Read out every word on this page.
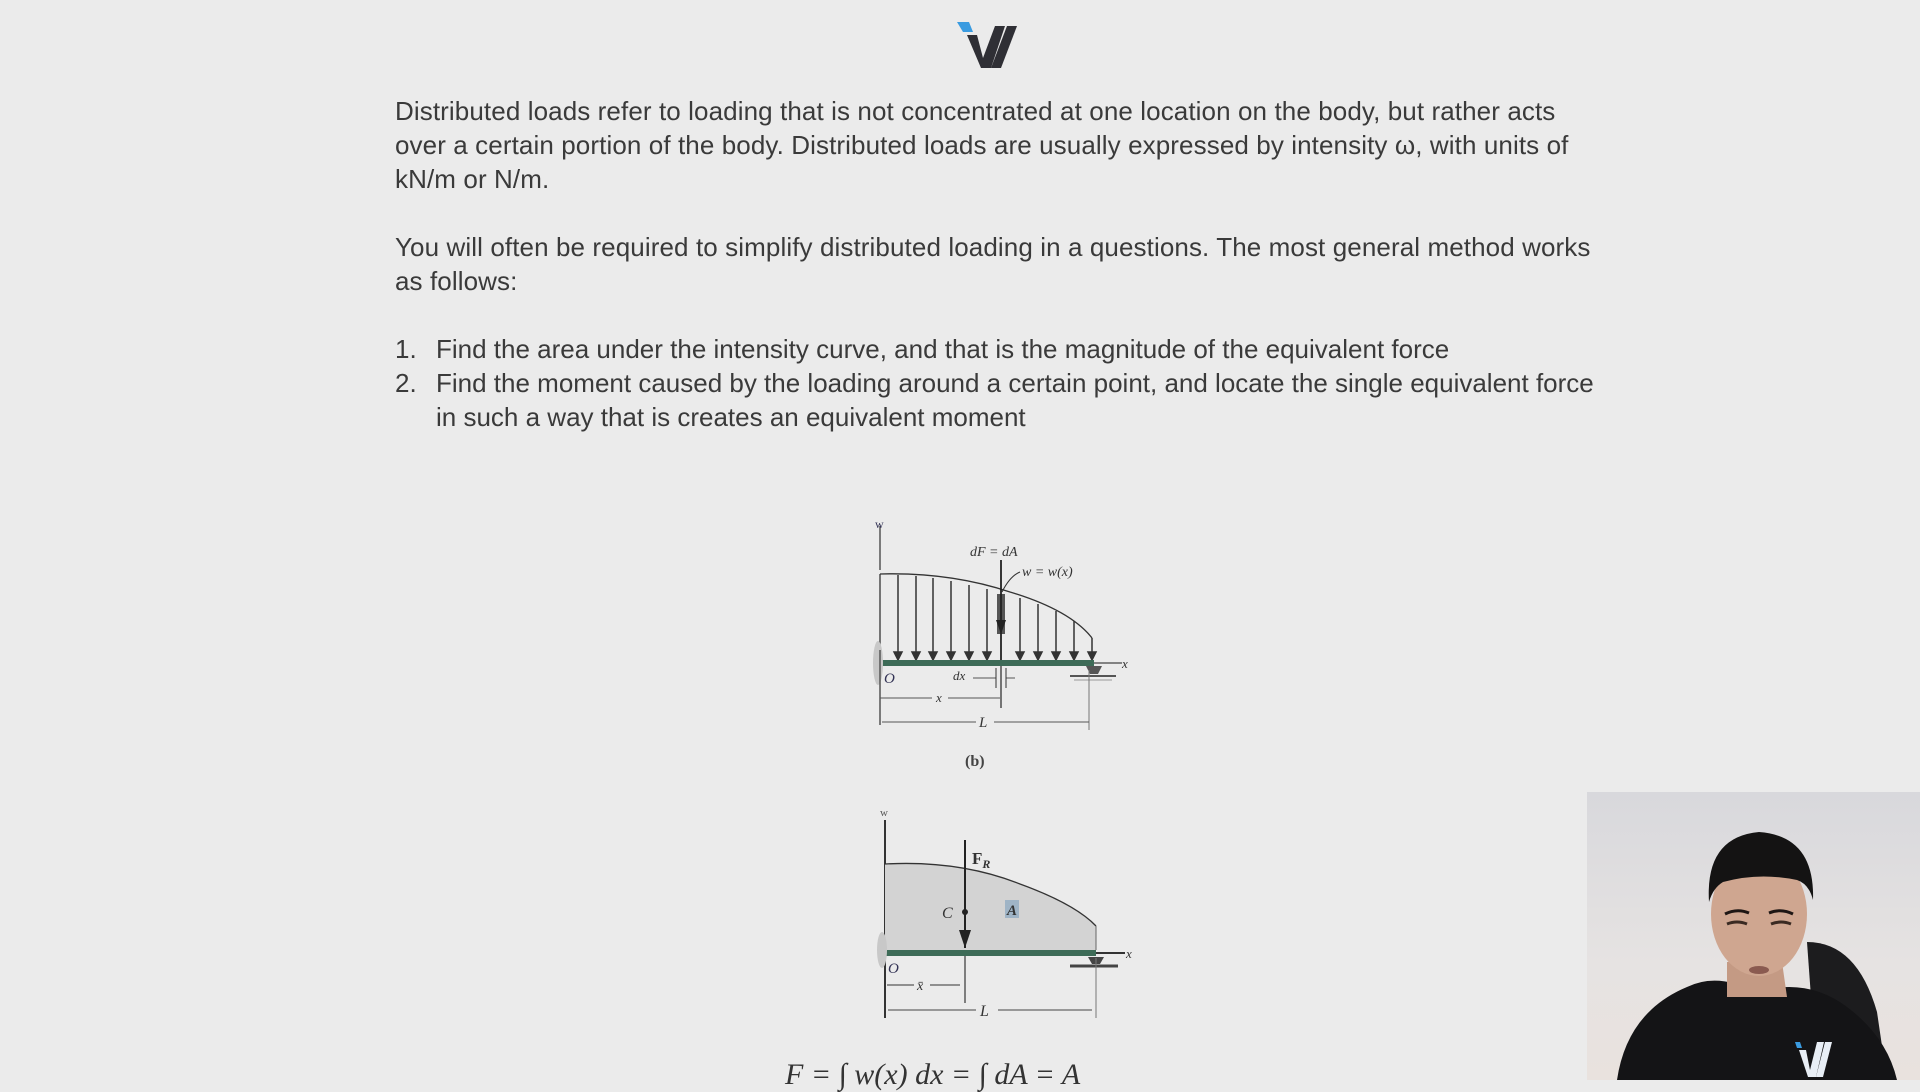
Distributed loads refer to loading that is not concentrated at one location on the body, but rather acts over a certain portion of the body. Distributed loads are usually expressed by intensity ω, with units of kN/m or N/m.

You will often be required to simplify distributed loading in a questions. The most general method works as follows:

1. Find the area under the intensity curve, and that is the magnitude of the equivalent force
2. Find the moment caused by the loading around a certain point, and locate the single equivalent force in such a way that is creates an equivalent moment
w
dF = dA
w = w(x)
x
O	dx
x
L
(b)
w
$F_R$
C	A
x
O
x̄
L
F = ∫ w(x) dx = ∫ dA = A
